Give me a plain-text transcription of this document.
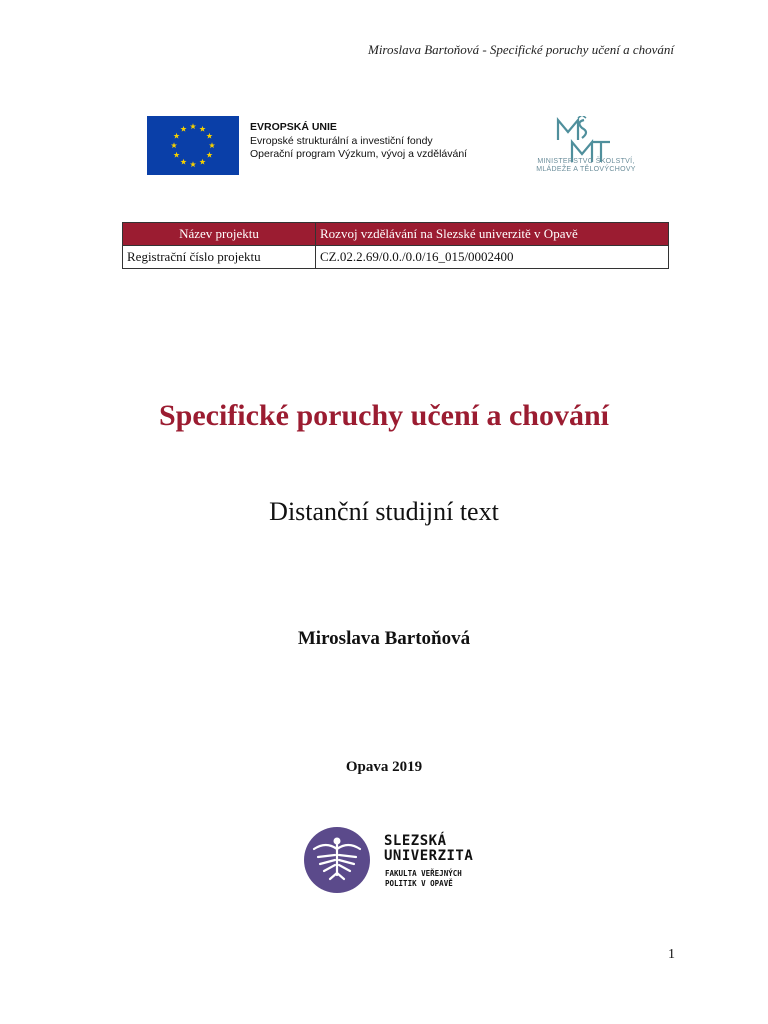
Miroslava Bartoňová - Specifické poruchy učení a chování
EVROPSKÁ UNIE
Evropské strukturální a investiční fondy
Operační program Výzkum, vývoj a vzdělávání
MINISTERSTVO ŠKOLSTVÍ,
MLÁDEŽE A TĚLOVÝCHOVY
Název projektu	Rozvoj vzdělávání na Slezské univerzitě v Opavě
Registrační číslo projektu	CZ.02.2.69/0.0./0.0/16_015/0002400
Specifické poruchy učení a chování
Distanční studijní text
Miroslava Bartoňová
Opava 2019
SLEZSKÁ
UNIVERZITA
FAKULTA VEŘEJNÝCH
POLITIK V OPAVĚ
1
